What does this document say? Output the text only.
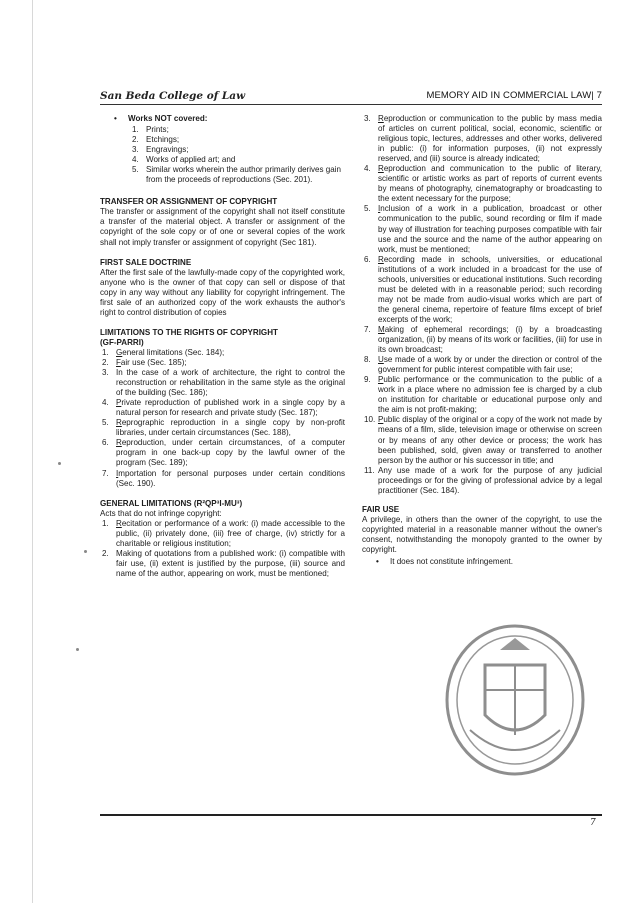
San Beda College of Law	MEMORY AID IN COMMERCIAL LAW| 7
• Works NOT covered:
1. Prints;
2. Etchings;
3. Engravings;
4. Works of applied art; and
5. Similar works wherein the author primarily derives gain from the proceeds of reproductions (Sec. 201).
TRANSFER OR ASSIGNMENT OF COPYRIGHT

The transfer or assignment of the copyright shall not itself constitute a transfer of the material object. A transfer or assignment of the copyright of the sole copy or of one or several copies of the work shall not imply transfer or assignment of copyright (Sec 181).

FIRST SALE DOCTRINE

After the first sale of the lawfully-made copy of the copyrighted work, anyone who is the owner of that copy can sell or dispose of that copy in any way without any liability for copyright infringement. The first sale of an authorized copy of the work exhausts the author's right to control distribution of copies

LIMITATIONS TO THE RIGHTS OF COPYRIGHT
(GF-PARRI)
1. General limitations (Sec. 184);
2. Fair use (Sec. 185);
3. In the case of a work of architecture, the right to control the reconstruction or rehabilitation in the same style as the original of the building (Sec. 186);
4. Private reproduction of published work in a single copy by a natural person for research and private study (Sec. 187);
5. Reprographic reproduction in a single copy by non-profit libraries, under certain circumstances (Sec. 188),
6. Reproduction, under certain circumstances, of a computer program in one back-up copy by the lawful owner of the program (Sec. 189);
7. Importation for personal purposes under certain conditions (Sec. 190).
GENERAL LIMITATIONS (R²QP³I-MU³)

Acts that do not infringe copyright:

1. Recitation or performance of a work: (i) made accessible to the public, (ii) privately done, (iii) free of charge, (iv) strictly for a charitable or religious institution;
2. Making of quotations from a published work: (i) compatible with fair use, (ii) extent is justified by the purpose, (iii) source and name of the author, appearing on work, must be mentioned;
3. Reproduction or communication to the public by mass media of articles on current political, social, economic, scientific or religious topic, lectures, addresses and other works, delivered in public: (i) for information purposes, (ii) not expressly reserved, and (iii) source is already indicated;
4. Reproduction and communication to the public of literary, scientific or artistic works as part of reports of current events by means of photography, cinematography or broadcasting to the extent necessary for the purpose;
5. Inclusion of a work in a publication, broadcast or other communication to the public, sound recording or film if made by way of illustration for teaching purposes compatible with fair use and the source and the name of the author appearing on work, must be mentioned;
6. Recording made in schools, universities, or educational institutions of a work included in a broadcast for the use of schools, universities or educational institutions. Such recording must be deleted with in a reasonable period; such recording may not be made from audio-visual works which are part of the general cinema, repertoire of feature films except of brief excerpts of the work;
7. Making of ephemeral recordings; (i) by a broadcasting organization, (ii) by means of its work or facilities, (iii) for use in its own broadcast;
8. Use made of a work by or under the direction or control of the government for public interest compatible with fair use;
9. Public performance or the communication to the public of a work in a place where no admission fee is charged by a club on institution for charitable or educational purpose only and the aim is not profit-making;
10. Public display of the original or a copy of the work not made by means of a film, slide, television image or otherwise on screen or by means of any other device or process; the work has been published, sold, given away or transferred to another person by the author or his successor in title; and
11. Any use made of a work for the purpose of any judicial proceedings or for the giving of professional advice by a legal practitioner (Sec. 184).
FAIR USE

A privilege, in others than the owner of the copyright, to use the copyrighted material in a reasonable manner without the owner's consent, notwithstanding the monopoly granted to the owner by copyright.

• It does not constitute infringement.
7
